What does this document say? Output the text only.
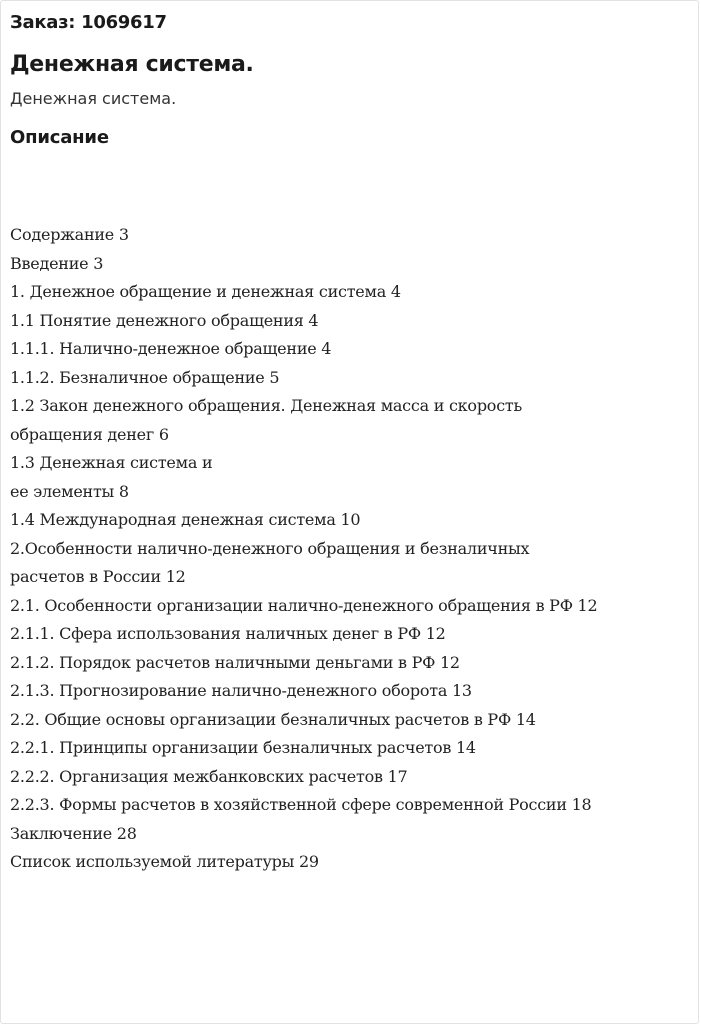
Заказ: 1069617
Денежная система.
Денежная система.
Описание
Содержание 3
Введение 3
1. Денежное обращение и денежная система 4
1.1 Понятие денежного обращения 4
1.1.1. Налично-денежное обращение 4
1.1.2. Безналичное обращение 5
1.2 Закон денежного обращения. Денежная масса и скорость
обращения денег 6
1.3 Денежная система и
ее элементы 8
1.4 Международная денежная система 10
2.Особенности налично-денежного обращения и безналичных
расчетов в России 12
2.1. Особенности организации налично-денежного обращения в РФ 12
2.1.1. Сфера использования наличных денег в РФ 12
2.1.2. Порядок расчетов наличными деньгами в РФ 12
2.1.3. Прогнозирование налично-денежного оборота 13
2.2. Общие основы организации безналичных расчетов в РФ 14
2.2.1. Принципы организации безналичных расчетов 14
2.2.2. Организация межбанковских расчетов 17
2.2.3. Формы расчетов в хозяйственной сфере современной России 18
Заключение 28
Список используемой литературы 29
